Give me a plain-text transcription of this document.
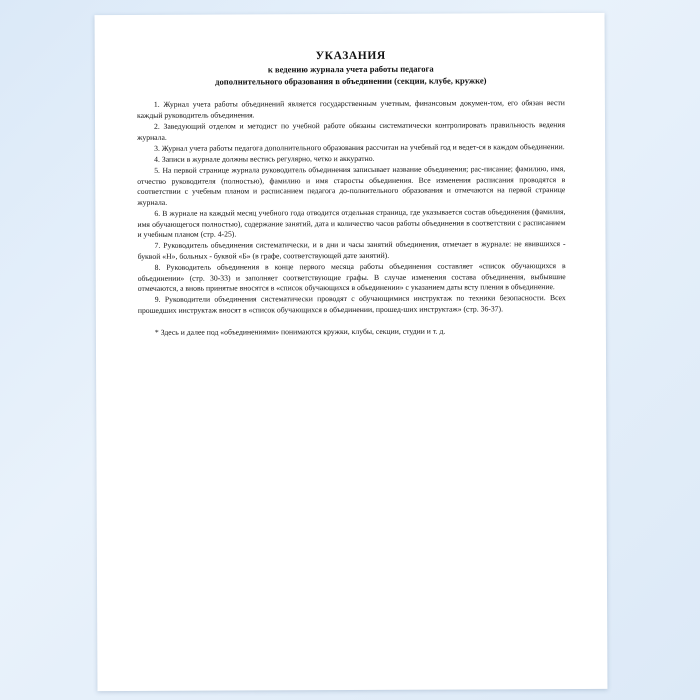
УКАЗАНИЯ
к ведению журнала учета работы педагога
дополнительного образования в объединении (секции, клубе, кружке)

1. Журнал учета работы объединений является государственным учетным, финансовым докумен-том, его обязан вести каждый руководитель объединения.

2. Заведующий отделом и методист по учебной работе обязаны систематически контролировать правильность ведения журнала.

3. Журнал учета работы педагога дополнительного образования рассчитан на учебный год и ведет-ся в каждом объединении.

4. Записи в журнале должны вестись регулярно, четко и аккуратно.

5. На первой странице журнала руководитель объединения записывает название объединения; рас-писание; фамилию, имя, отчество руководителя (полностью), фамилию и имя старосты объединения. Все изменения расписания проводятся в соответствии с учебным планом и расписанием педагога до-полнительного образования и отмечаются на первой странице журнала.

6. В журнале на каждый месяц учебного года отводится отдельная страница, где указывается состав объединения (фамилия, имя обучающегося полностью), содержание занятий, дата и количество часов работы объединения в соответствии с расписанием и учебным планом (стр. 4-25).

7. Руководитель объединения систематически, и в дни и часы занятий объединения, отмечает в журнале: не явившихся - буквой «Н», больных - буквой «Б» (в графе, соответствующей дате занятий).

8. Руководитель объединения в конце первого месяца работы объединения составляет «список обучающихся в объединении» (стр. 30-33) и заполняет соответствующие графы. В случае изменения состава объединения, выбывшие отмечаются, а вновь принятые вносятся в «список обучающихся в объединении» с указанием даты всту пления в объединение.

9. Руководители объединения систематически проводят с обучающимися инструктаж по техники безопасности. Всех прошедших инструктаж вносят в «список обучающихся в объединении, прошед-ших инструктаж» (стр. 36-37).

* Здесь и далее под «объединениями» понимаются кружки, клубы, секции, студии и т. д.
